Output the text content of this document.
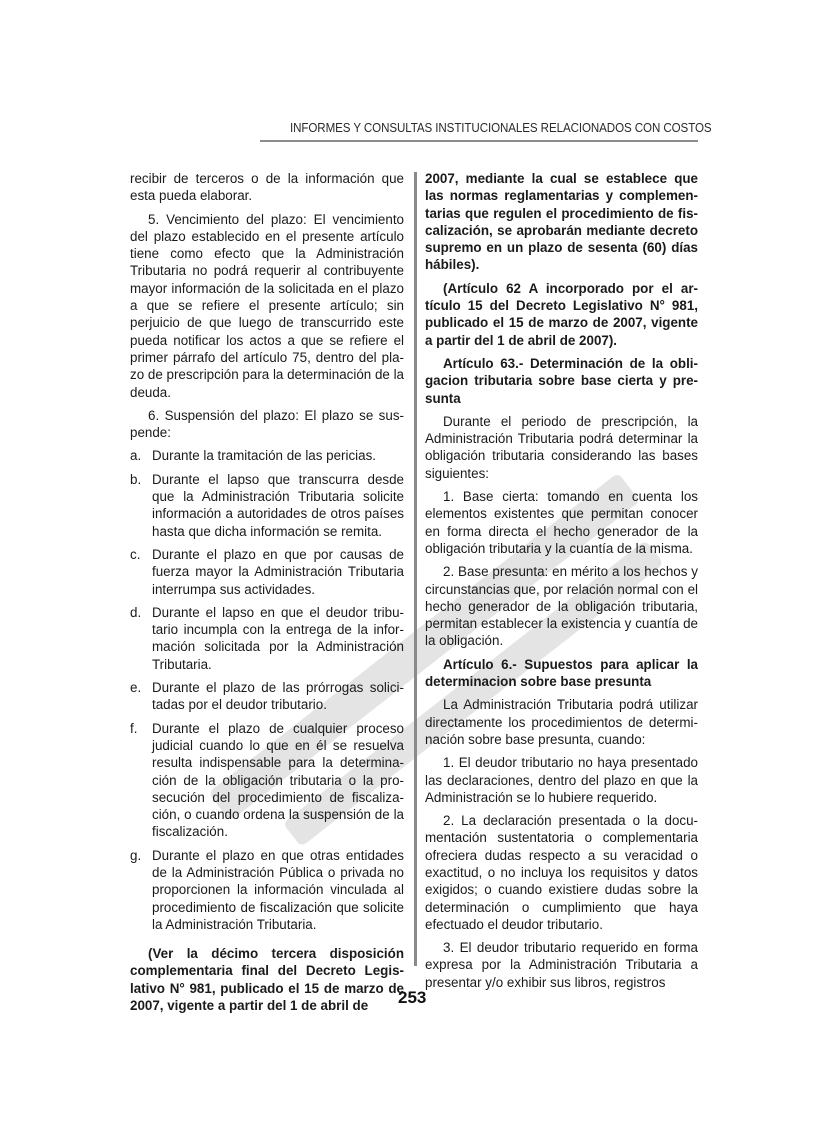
INFORMES Y CONSULTAS INSTITUCIONALES RELACIONADOS CON COSTOS

recibir de terceros o de la información que esta pueda elaborar.

5. Vencimiento del plazo: El vencimiento del plazo establecido en el presente artículo tiene como efecto que la Administración Tributaria no podrá requerir al contribuyente mayor información de la solicitada en el plazo a que se refiere el presente artículo; sin perjuicio de que luego de transcurrido este pueda notificar los actos a que se refiere el primer párrafo del artículo 75, dentro del plazo de prescripción para la determinación de la deuda.

6. Suspensión del plazo: El plazo se suspende:

a. Durante la tramitación de las pericias.
b. Durante el lapso que transcurra desde que la Administración Tributaria solicite información a autoridades de otros países hasta que dicha información se remita.
c. Durante el plazo en que por causas de fuerza mayor la Administración Tributaria interrumpa sus actividades.
d. Durante el lapso en que el deudor tributario incumpla con la entrega de la información solicitada por la Administración Tributaria.
e. Durante el plazo de las prórrogas solicitadas por el deudor tributario.
f.	Durante el plazo de cualquier proceso judicial cuando lo que en él se resuelva resulta indispensable para la determinación de la obligación tributaria o la prosecución del procedimiento de fiscalización, o cuando ordena la suspensión de la fiscalización.
g. Durante el plazo en que otras entidades de la Administración Pública o privada no proporcionen la información vinculada al procedimiento de fiscalización que solicite la Administración Tributaria.

(Ver la décimo tercera disposición complementaria final del Decreto Legislativo N° 981, publicado el 15 de marzo de 2007, vigente a partir del 1 de abril de

2007, mediante la cual se establece que las normas reglamentarias y complementarias que regulen el procedimiento de fiscalización, se aprobarán mediante decreto supremo en un plazo de sesenta (60) días hábiles).

(Artículo 62 A incorporado por el artículo 15 del Decreto Legislativo N° 981, publicado el 15 de marzo de 2007, vigente a partir del 1 de abril de 2007).

Artículo 63.- Determinación de la obligacion tributaria sobre base cierta y presunta

Durante el periodo de prescripción, la Administración Tributaria podrá determinar la obligación tributaria considerando las bases siguientes:

1. Base cierta: tomando en cuenta los elementos existentes que permitan conocer en forma directa el hecho generador de la obligación tributaria y la cuantía de la misma.

2. Base presunta: en mérito a los hechos y circunstancias que, por relación normal con el hecho generador de la obligación tributaria, permitan establecer la existencia y cuantía de la obligación.

Artículo 6.- Supuestos para aplicar la determinacion sobre base presunta

La Administración Tributaria podrá utilizar directamente los procedimientos de determinación sobre base presunta, cuando:

1. El deudor tributario no haya presentado las declaraciones, dentro del plazo en que la Administración se lo hubiere requerido.

2. La declaración presentada o la documentación sustentatoria o complementaria ofreciera dudas respecto a su veracidad o exactitud, o no incluya los requisitos y datos exigidos; o cuando existiere dudas sobre la determinación o cumplimiento que haya efectuado el deudor tributario.

3. El deudor tributario requerido en forma expresa por la Administración Tributaria a presentar y/o exhibir sus libros, registros

253
